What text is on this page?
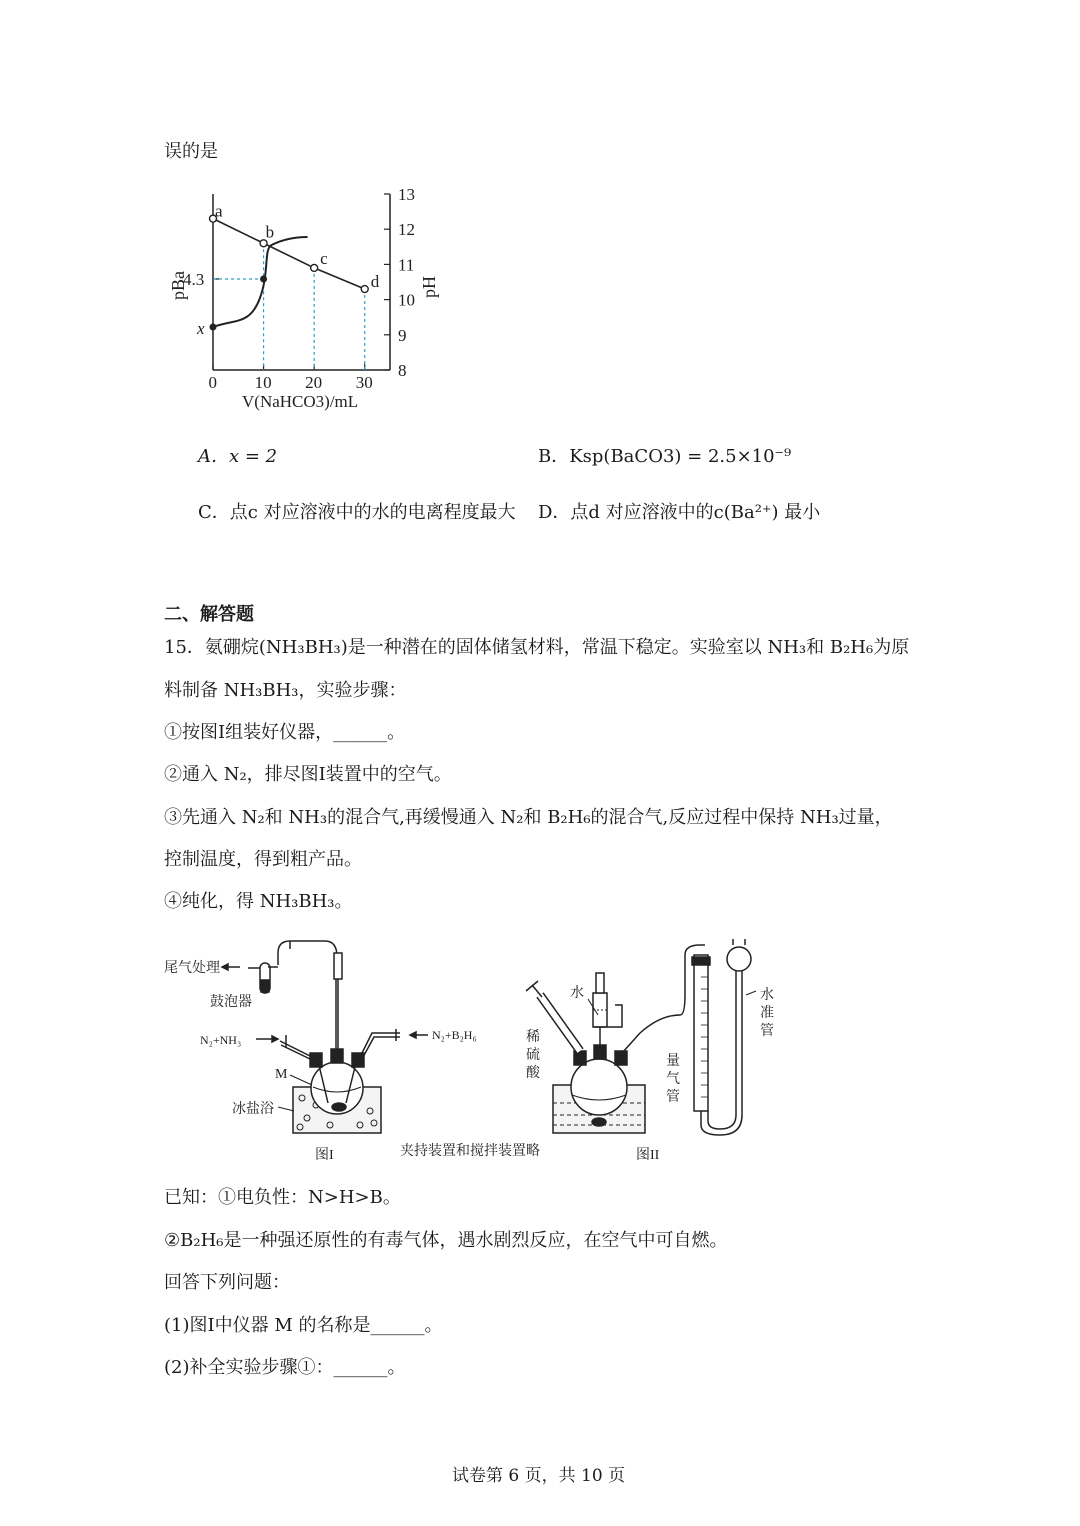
误的是
13
12
11
10
9
8
0 10 20 30
4.3
x
pBa	pH
V(NaHCO3)/mL
a
b
c
d
A．x = 2	B．Ksp(BaCO3) = 2.5×10⁻⁹
C．点c 对应溶液中的水的电离程度最大 D．点d 对应溶液中的c(Ba²⁺) 最小
二、解答题
15．氨硼烷(NH₃BH₃)是一种潜在的固体储氢材料，常温下稳定。实验室以 NH₃和 B₂H₆为原
料制备 NH₃BH₃，实验步骤：
①按图I组装好仪器，______。
②通入 N₂，排尽图I装置中的空气。
③先通入 N₂和 NH₃的混合气,再缓慢通入 N₂和 B₂H₆的混合气,反应过程中保持 NH₃过量，
控制温度，得到粗产品。
④纯化，得 NH₃BH₃。
尾气处理
鼓泡器
N₂+NH₃	N₂+B₂H₆
M
冰盐浴
图I	夹持装置和搅拌装置略
水
稀
硫
酸
量
气
管
水
准
管
图II
已知：①电负性：N>H>B。
②B₂H₆是一种强还原性的有毒气体，遇水剧烈反应，在空气中可自燃。
回答下列问题：
(1)图I中仪器 M 的名称是______。
(2)补全实验步骤①：______。
试卷第 6 页，共 10 页
